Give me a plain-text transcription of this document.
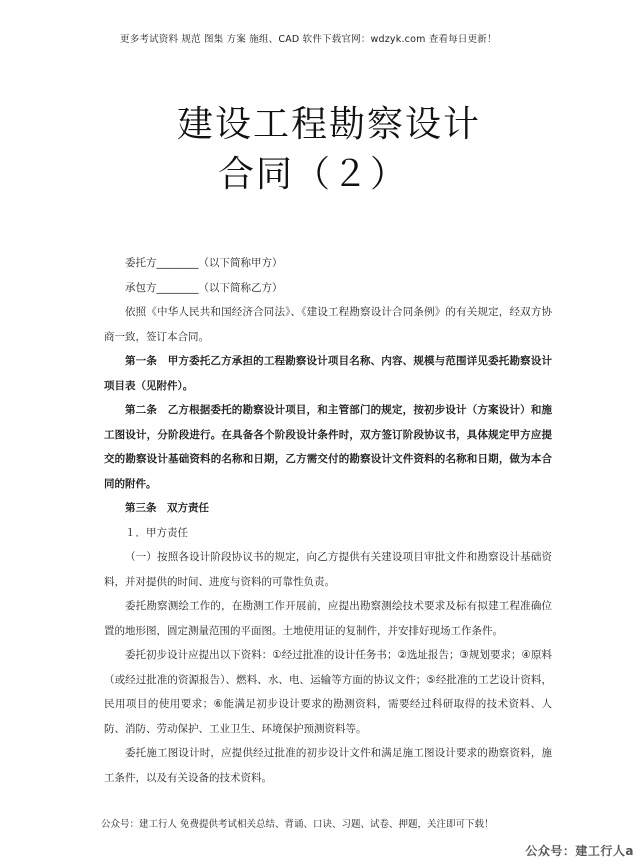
更多考试资料 规范 图集 方案 施组、CAD 软件下载官网：wdzyk.com 查看每日更新！
建设工程勘察设计
合同（２）

委托方________（以下简称甲方）

承包方________（以下简称乙方）

依照《中华人民共和国经济合同法》、《建设工程勘察设计合同条例》的有关规定，经双方协商一致，签订本合同。

第一条　甲方委托乙方承担的工程勘察设计项目名称、内容、规模与范围详见委托勘察设计项目表（见附件）。

第二条　乙方根据委托的勘察设计项目，和主管部门的规定，按初步设计（方案设计）和施工图设计，分阶段进行。在具备各个阶段设计条件时，双方签订阶段协议书，具体规定甲方应提交的勘察设计基础资料的名称和日期，乙方需交付的勘察设计文件资料的名称和日期，做为本合同的附件。

第三条　双方责任

１．甲方责任

（一）按照各设计阶段协议书的规定，向乙方提供有关建设项目审批文件和勘察设计基础资料，并对提供的时间、进度与资料的可靠性负责。

委托勘察测绘工作的，在勘测工作开展前，应提出勘察测绘技术要求及标有拟建工程准确位置的地形图，圆定测量范围的平面图。土地使用证的复制件，并安排好现场工作条件。

委托初步设计应提出以下资料：①经过批准的设计任务书；②选址报告；③规划要求；④原料（或经过批准的资源报告）、燃料、水、电、运输等方面的协议文件；⑤经批准的工艺设计资料，民用项目的使用要求；⑥能满足初步设计要求的勘测资料，需要经过科研取得的技术资料、人防、消防、劳动保护、工业卫生、环境保护预测资料等。

委托施工图设计时，应提供经过批准的初步设计文件和满足施工图设计要求的勘察资料，施工条件，以及有关设备的技术资料。

公众号：建工行人 免费提供考试相关总结、背诵、口诀、习题、试卷、押题，关注即可下载！
公众号：建工行人a
